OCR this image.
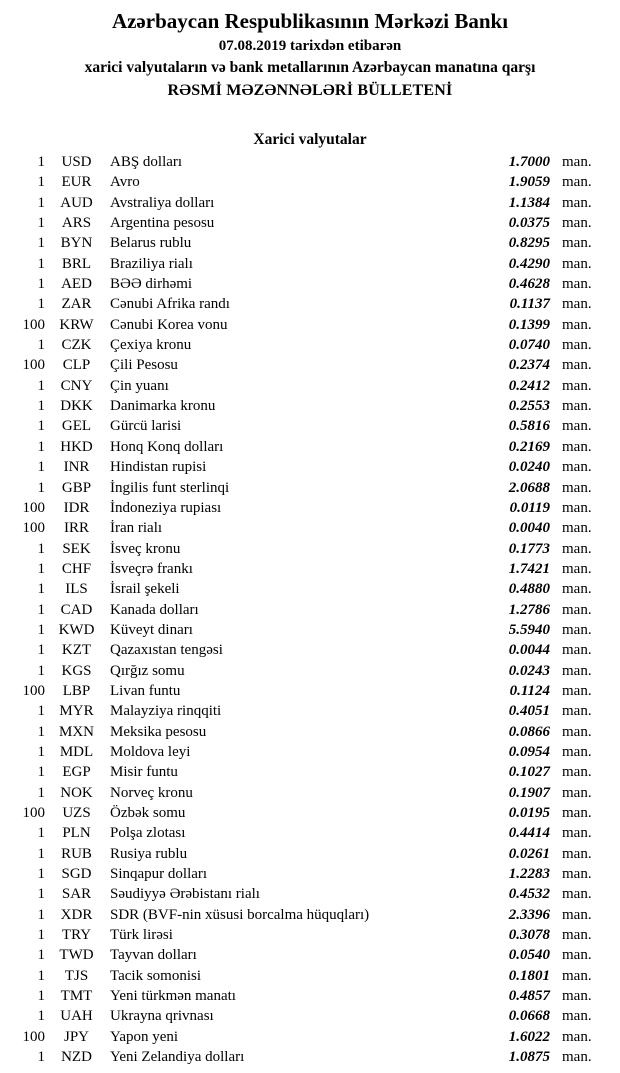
Azərbaycan Respublikasının Mərkəzi Bankı
07.08.2019 tarixdən etibarən
xarici valyutaların və bank metallarının Azərbaycan manatına qarşı
RƏSMİ MƏZƏNNƏLƏRİ BÜLLETENİ
Xarici valyutalar
1	USD	ABŞ dolları	1.7000 man.
1	EUR	Avro	1.9059 man.
1	AUD	Avstraliya dolları	1.1384 man.
1	ARS	Argentina pesosu	0.0375 man.
1	BYN	Belarus rublu	0.8295 man.
1	BRL	Braziliya rialı	0.4290 man.
1	AED	BƏƏ dirhəmi	0.4628 man.
1	ZAR	Cənubi Afrika randı	0.1137 man.
100 KRW	Cənubi Korea vonu	0.1399 man.
1	CZK	Çexiya kronu	0.0740 man.
100	CLP	Çili Pesosu	0.2374 man.
1	CNY	Çin yuanı	0.2412 man.
1	DKK	Danimarka kronu	0.2553 man.
1	GEL	Gürcü larisi	0.5816 man.
1	HKD	Honq Konq dolları	0.2169 man.
1	INR	Hindistan rupisi	0.0240 man.
1	GBP	İngilis funt sterlinqi	2.0688 man.
100	IDR	İndoneziya rupiası	0.0119 man.
100	IRR	İran rialı	0.0040 man.
1	SEK	İsveç kronu	0.1773 man.
1	CHF	İsveçrə frankı	1.7421 man.
1	ILS	İsrail şekeli	0.4880 man.
1	CAD	Kanada dolları	1.2786 man.
1 KWD	Küveyt dinarı	5.5940 man.
1	KZT	Qazaxıstan tengəsi	0.0044 man.
1	KGS	Qırğız somu	0.0243 man.
100	LBP	Livan funtu	0.1124 man.
1 MYR	Malayziya rinqqiti	0.4051 man.
1 MXN	Meksika pesosu	0.0866 man.
1 MDL	Moldova leyi	0.0954 man.
1	EGP	Misir funtu	0.1027 man.
1	NOK	Norveç kronu	0.1907 man.
100	UZS	Özbək somu	0.0195 man.
1	PLN	Polşa zlotası	0.4414 man.
1	RUB	Rusiya rublu	0.0261 man.
1	SGD	Sinqapur dolları	1.2283 man.
1	SAR	Səudiyyə Ərəbistanı rialı	0.4532 man.
1	XDR	SDR (BVF-nin xüsusi borcalma hüquqları)	2.3396 man.
1	TRY	Türk lirəsi	0.3078 man.
1 TWD	Tayvan dolları	0.0540 man.
1	TJS	Tacik somonisi	0.1801 man.
1	TMT	Yeni türkmən manatı	0.4857 man.
1	UAH	Ukrayna qrivnası	0.0668 man.
100	JPY	Yapon yeni	1.6022 man.
1	NZD	Yeni Zelandiya dolları	1.0875 man.
